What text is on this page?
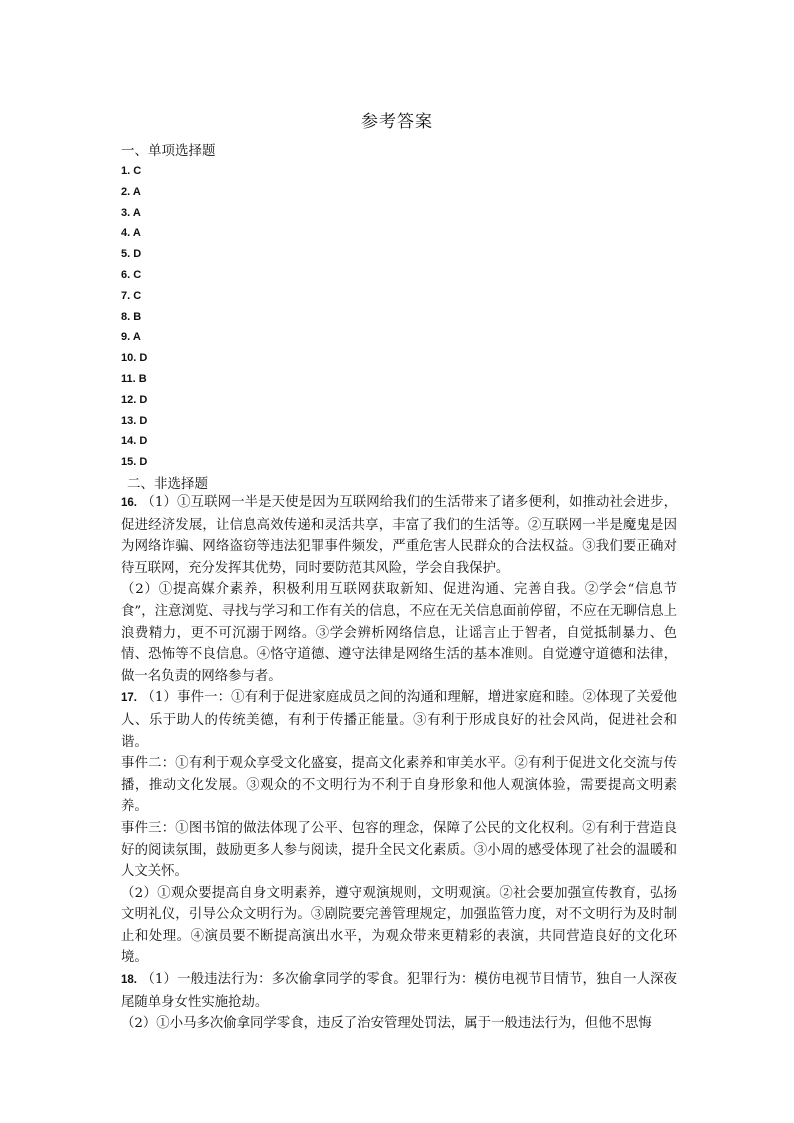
参考答案
一、单项选择题
1. C
2. A
3. A
4. A
5. D
6. C
7. C
8. B
9. A
10. D
11. B
12. D
13. D
14. D
15. D
二、非选择题

16. （1）①互联网一半是天使是因为互联网给我们的生活带来了诸多便利，如推动社会进步，促进经济发展，让信息高效传递和灵活共享，丰富了我们的生活等。②互联网一半是魔鬼是因为网络诈骗、网络盗窃等违法犯罪事件频发，严重危害人民群众的合法权益。③我们要正确对待互联网，充分发挥其优势，同时要防范其风险，学会自我保护。

（2）①提高媒介素养，积极利用互联网获取新知、促进沟通、完善自我。②学会“信息节食”，注意浏览、寻找与学习和工作有关的信息，不应在无关信息面前停留，不应在无聊信息上浪费精力，更不可沉溺于网络。③学会辨析网络信息，让谣言止于智者，自觉抵制暴力、色情、恐怖等不良信息。④恪守道德、遵守法律是网络生活的基本准则。自觉遵守道德和法律，做一名负责的网络参与者。

17. （1）事件一：①有利于促进家庭成员之间的沟通和理解，增进家庭和睦。②体现了关爱他人、乐于助人的传统美德，有利于传播正能量。③有利于形成良好的社会风尚，促进社会和谐。

事件二：①有利于观众享受文化盛宴，提高文化素养和审美水平。②有利于促进文化交流与传播，推动文化发展。③观众的不文明行为不利于自身形象和他人观演体验，需要提高文明素养。

事件三：①图书馆的做法体现了公平、包容的理念，保障了公民的文化权利。②有利于营造良好的阅读氛围，鼓励更多人参与阅读，提升全民文化素质。③小周的感受体现了社会的温暖和人文关怀。

（2）①观众要提高自身文明素养，遵守观演规则，文明观演。②社会要加强宣传教育，弘扬文明礼仪，引导公众文明行为。③剧院要完善管理规定，加强监管力度，对不文明行为及时制止和处理。④演员要不断提高演出水平，为观众带来更精彩的表演，共同营造良好的文化环境。

18. （1）一般违法行为：多次偷拿同学的零食。犯罪行为：模仿电视节目情节，独自一人深夜尾随单身女性实施抢劫。

（2）①小马多次偷拿同学零食，违反了治安管理处罚法，属于一般违法行为，但他不思悔
